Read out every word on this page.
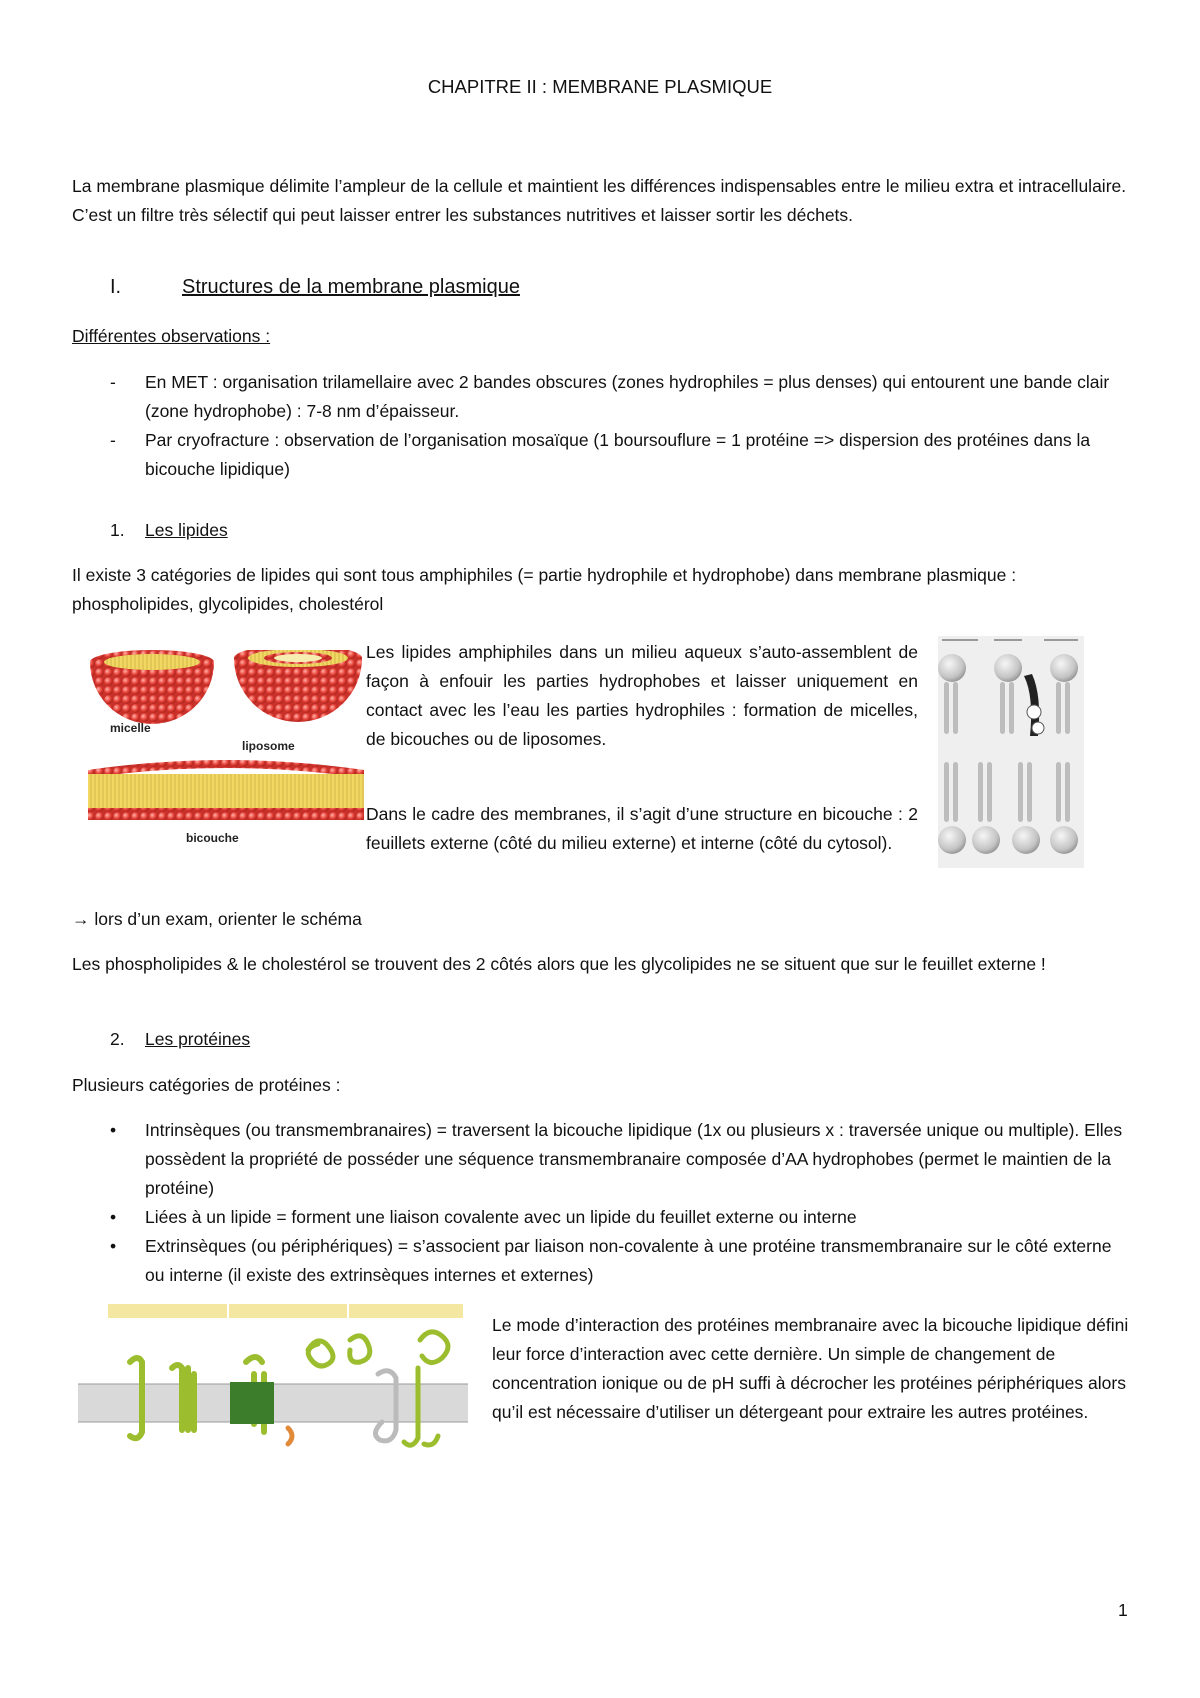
CHAPITRE II : MEMBRANE PLASMIQUE
La membrane plasmique délimite l’ampleur de la cellule et maintient les différences indispensables entre le milieu extra et intracellulaire. C’est un filtre très sélectif qui peut laisser entrer les substances nutritives et laisser sortir les déchets.
I.	Structures de la membrane plasmique
Différentes observations :
- En MET : organisation trilamellaire avec 2 bandes obscures (zones hydrophiles = plus denses) qui entourent une bande clair (zone hydrophobe) : 7-8 nm d’épaisseur.
- Par cryofracture : observation de l’organisation mosaïque (1 boursouflure = 1 protéine => dispersion des protéines dans la bicouche lipidique)
1. Les lipides
Il existe 3 catégories de lipides qui sont tous amphiphiles (= partie hydrophile et hydrophobe) dans membrane plasmique : phospholipides, glycolipides, cholestérol
micelle
liposome
bicouche
Les lipides amphiphiles dans un milieu aqueux s’auto-assemblent de façon à enfouir les parties hydrophobes et laisser uniquement en contact avec les l’eau les parties hydrophiles : formation de micelles, de bicouches ou de liposomes.
Dans le cadre des membranes, il s’agit d’une structure en bicouche : 2 feuillets externe (côté du milieu externe) et interne (côté du cytosol).
→ lors d’un exam, orienter le schéma
Les phospholipides & le cholestérol se trouvent des 2 côtés alors que les glycolipides ne se situent que sur le feuillet externe !
2. Les protéines
Plusieurs catégories de protéines :
• Intrinsèques (ou transmembranaires) = traversent la bicouche lipidique (1x ou plusieurs x : traversée unique ou multiple). Elles possèdent la propriété de posséder une séquence transmembranaire composée d’AA hydrophobes (permet le maintien de la protéine)
• Liées à un lipide = forment une liaison covalente avec un lipide du feuillet externe ou interne
• Extrinsèques (ou périphériques) = s’associent par liaison non-covalente à une protéine transmembranaire sur le côté externe ou interne (il existe des extrinsèques internes et externes)
Le mode d’interaction des protéines membranaire avec la bicouche lipidique défini leur force d’interaction avec cette dernière. Un simple de changement de concentration ionique ou de pH suffi à décrocher les protéines périphériques alors qu’il est nécessaire d’utiliser un détergeant pour extraire les autres protéines.
1
